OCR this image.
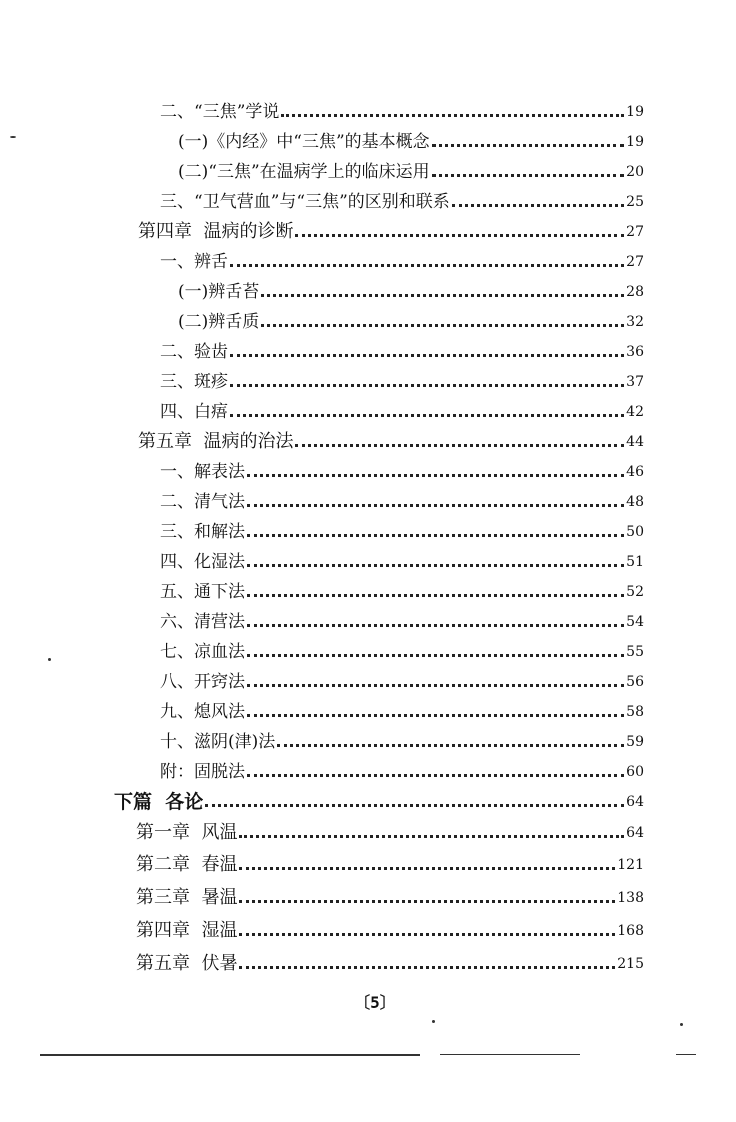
二、“三焦”学说	19
(一)《内经》中“三焦”的基本概念	19
(二)“三焦”在温病学上的临床运用	20
三、“卫气营血”与“三焦”的区别和联系	25
第四章  温病的诊断	27
一、辨舌	27
(一)辨舌苔	28
(二)辨舌质	32
二、验齿	36
三、斑疹	37
四、白痦	42
第五章  温病的治法	44
一、解表法	46
二、清气法	48
三、和解法	50
四、化湿法	51
五、通下法	52
六、清营法	54
七、凉血法	55
八、开窍法	56
九、熄风法	58
十、滋阴(津)法	59
附：固脱法	60
下篇  各论	64
第一章  风温	64
第二章  春温	121
第三章  暑温	138
第四章  湿温	168
第五章  伏暑	215
〔5〕
